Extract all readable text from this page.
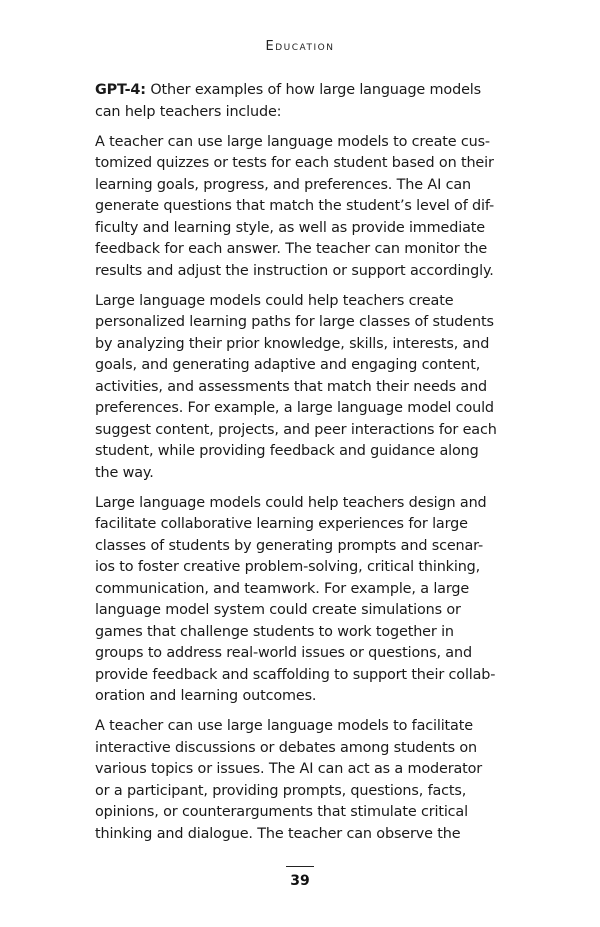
Education

GPT-4: Other examples of how large language models
can help teachers include:

A teacher can use large language models to create cus-
tomized quizzes or tests for each student based on their
learning goals, progress, and preferences. The AI can
generate questions that match the student’s level of dif-
ficulty and learning style, as well as provide immediate
feedback for each answer. The teacher can monitor the
results and adjust the instruction or support accordingly.

Large language models could help teachers create
personalized learning paths for large classes of students
by analyzing their prior knowledge, skills, interests, and
goals, and generating adaptive and engaging content,
activities, and assessments that match their needs and
preferences. For example, a large language model could
suggest content, projects, and peer interactions for each
student, while providing feedback and guidance along
the way.

Large language models could help teachers design and
facilitate collaborative learning experiences for large
classes of students by generating prompts and scenar-
ios to foster creative problem-solving, critical thinking,
communication, and teamwork. For example, a large
language model system could create simulations or
games that challenge students to work together in
groups to address real-world issues or questions, and
provide feedback and scaffolding to support their collab-
oration and learning outcomes.

A teacher can use large language models to facilitate
interactive discussions or debates among students on
various topics or issues. The AI can act as a moderator
or a participant, providing prompts, questions, facts,
opinions, or counterarguments that stimulate critical
thinking and dialogue. The teacher can observe the

39
